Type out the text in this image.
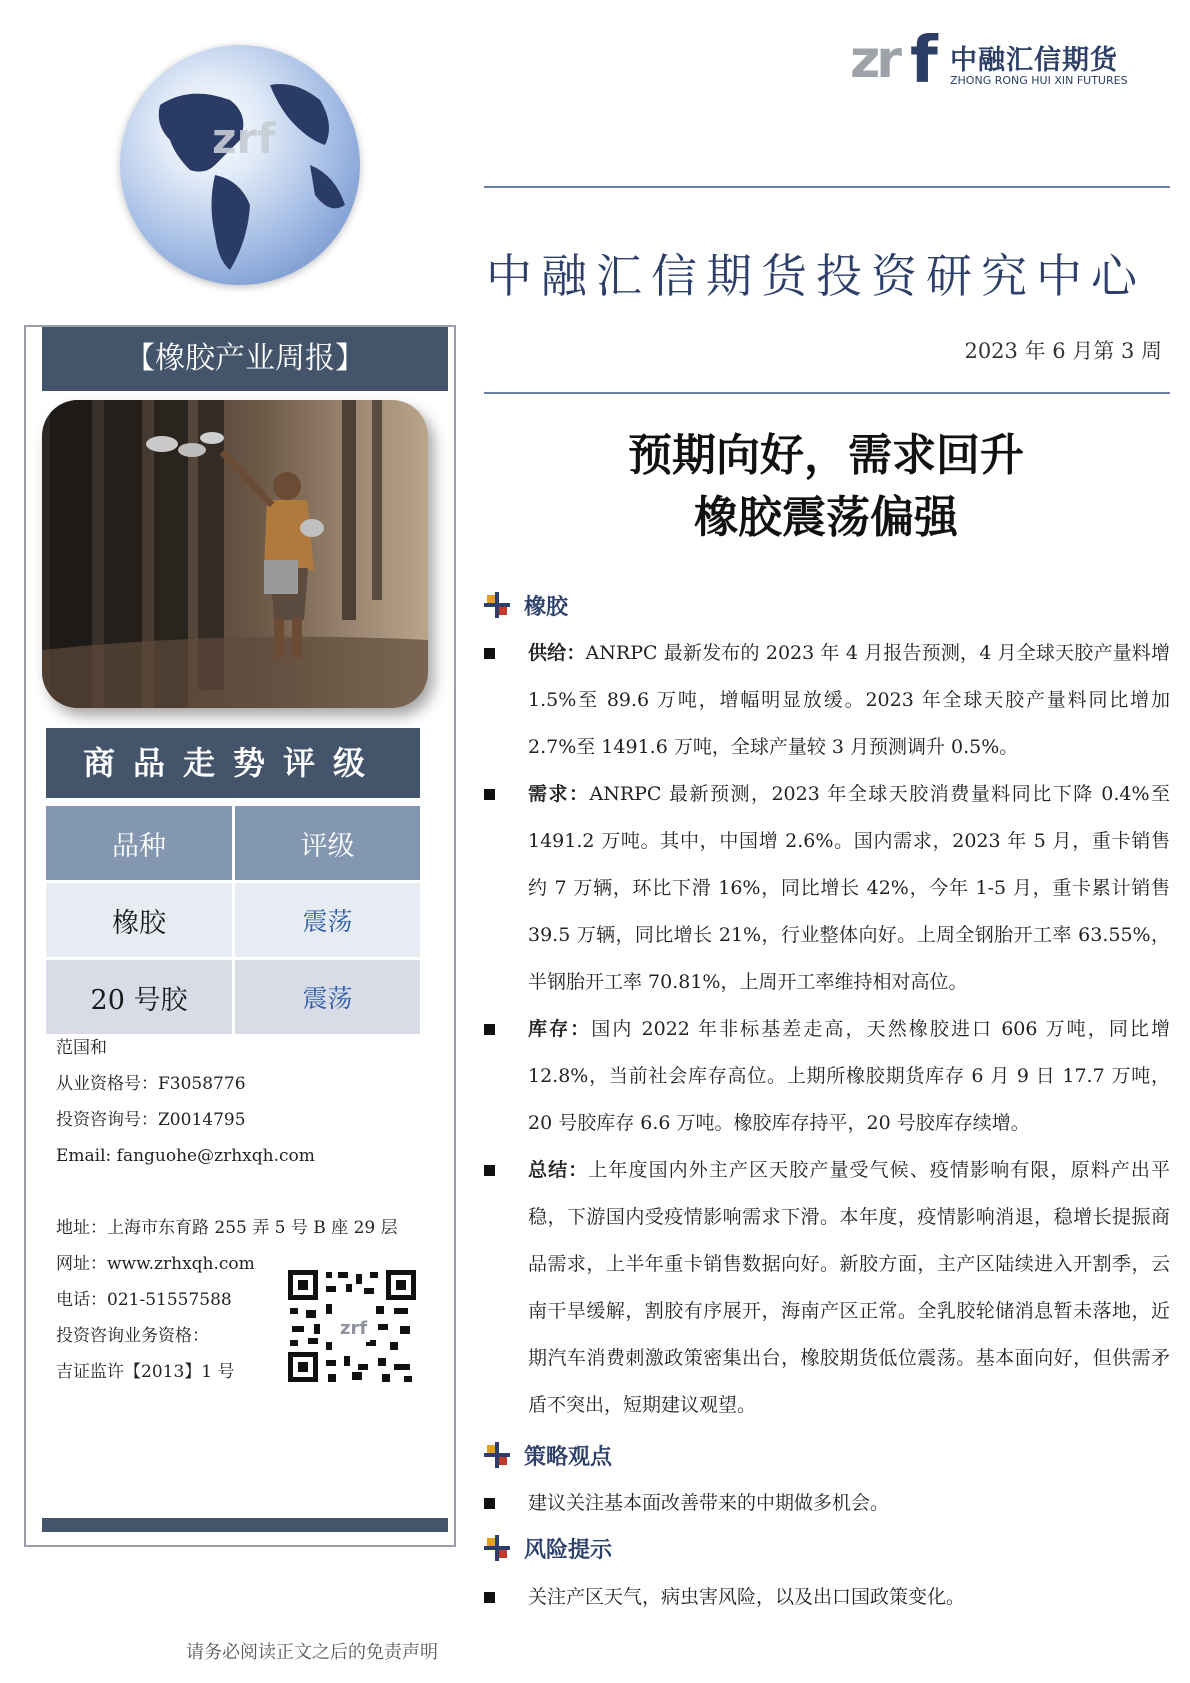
zrf
zr f 中融汇信期货
ZHONG RONG HUI XIN FUTURES
中融汇信期货投资研究中心
2023 年 6 月第 3 周
预期向好，需求回升
橡胶震荡偏强
【橡胶产业周报】
商品走势评级
品种	评级
橡胶	震荡
20 号胶	震荡
范国和
从业资格号：F3058776
投资咨询号：Z0014795
Email: fanguohe@zrhxqh.com
地址：上海市东育路 255 弄 5 号 B 座 29 层
网址：www.zrhxqh.com
电话：021-51557588
投资咨询业务资格：
吉证监许【2013】1 号
zrf
请务必阅读正文之后的免责声明
橡胶
供给：ANRPC 最新发布的 2023 年 4 月报告预测，4 月全球天胶产量料增 1.5%至 89.6 万吨，增幅明显放缓。2023 年全球天胶产量料同比增加 2.7%至 1491.6 万吨，全球产量较 3 月预测调升 0.5%。
需求：ANRPC 最新预测，2023 年全球天胶消费量料同比下降 0.4%至 1491.2 万吨。其中，中国增 2.6%。国内需求，2023 年 5 月，重卡销售约 7 万辆，环比下滑 16%，同比增长 42%，今年 1-5 月，重卡累计销售 39.5 万辆，同比增长 21%，行业整体向好。上周全钢胎开工率 63.55%，半钢胎开工率 70.81%，上周开工率维持相对高位。
库存：国内 2022 年非标基差走高，天然橡胶进口 606 万吨，同比增 12.8%，当前社会库存高位。上期所橡胶期货库存 6 月 9 日 17.7 万吨，20 号胶库存 6.6 万吨。橡胶库存持平，20 号胶库存续增。
总结：上年度国内外主产区天胶产量受气候、疫情影响有限，原料产出平稳，下游国内受疫情影响需求下滑。本年度，疫情影响消退，稳增长提振商品需求，上半年重卡销售数据向好。新胶方面，主产区陆续进入开割季，云南干旱缓解，割胶有序展开，海南产区正常。全乳胶轮储消息暂未落地，近期汽车消费刺激政策密集出台，橡胶期货低位震荡。基本面向好，但供需矛盾不突出，短期建议观望。
策略观点
建议关注基本面改善带来的中期做多机会。
风险提示
关注产区天气，病虫害风险，以及出口国政策变化。
